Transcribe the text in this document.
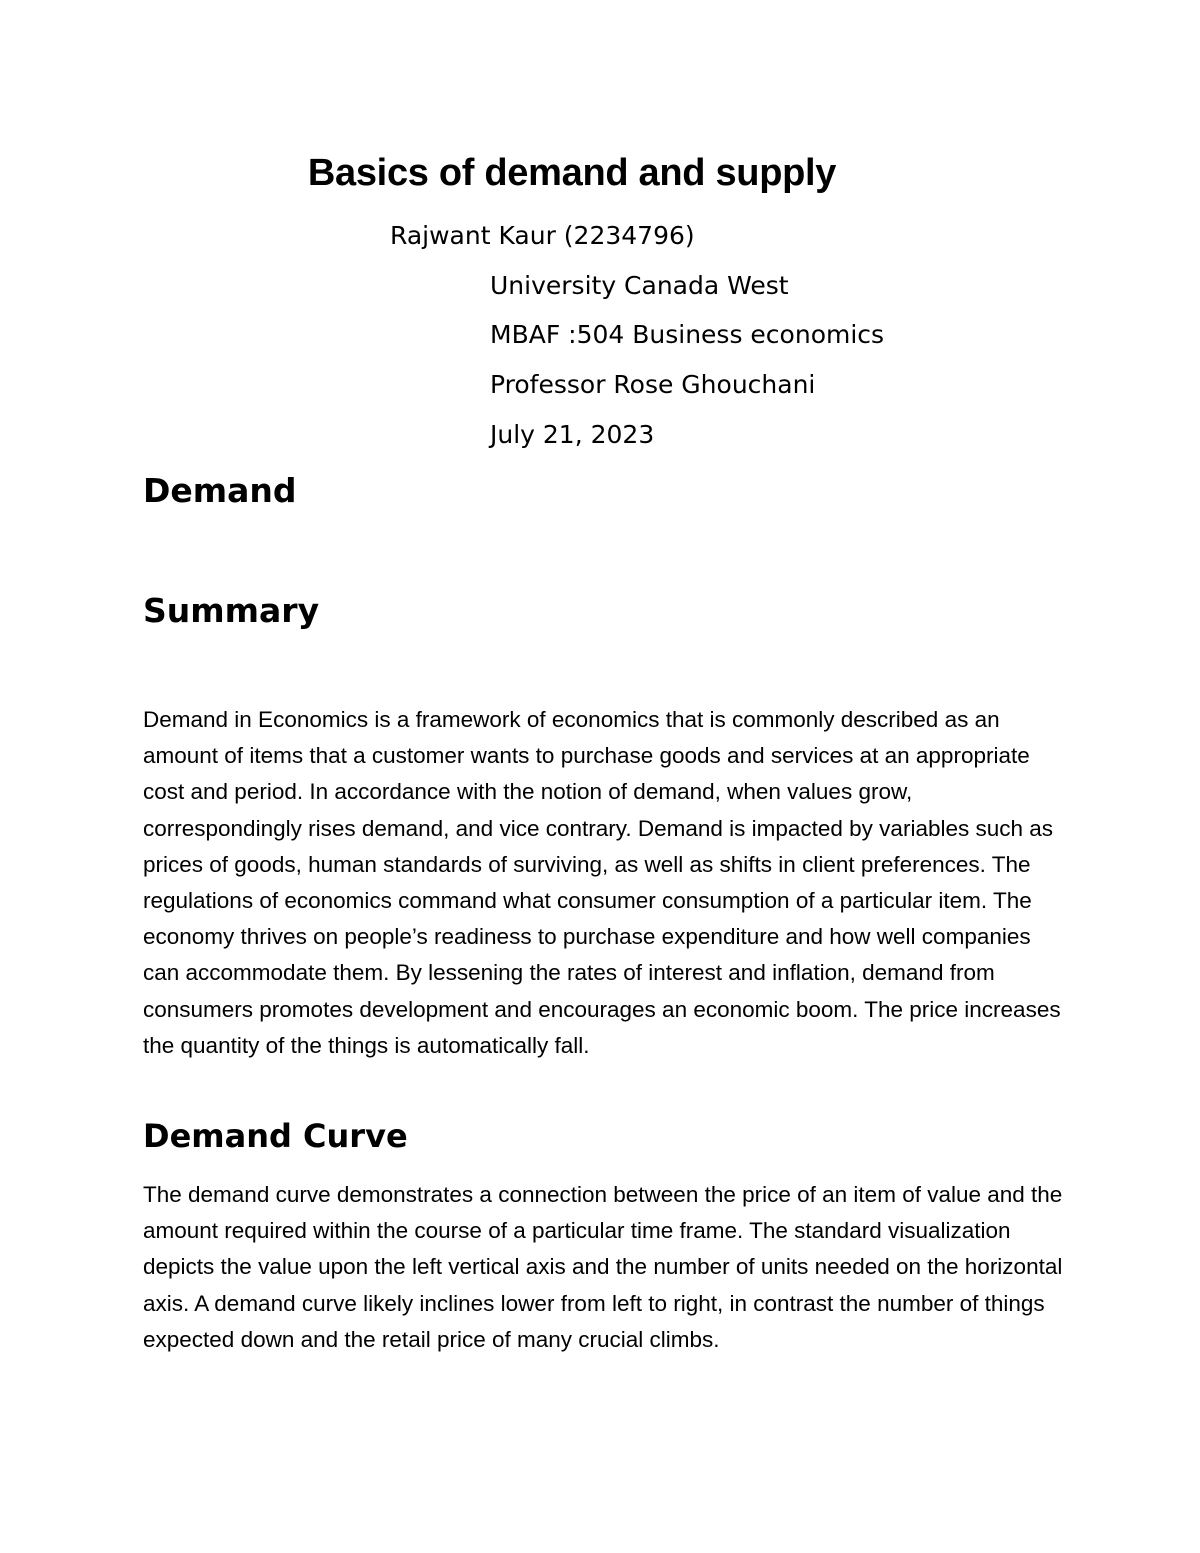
Basics of demand and supply

Rajwant Kaur (2234796)

University Canada West

MBAF :504 Business economics

Professor Rose Ghouchani

July 21, 2023

Demand
Summary

Demand in Economics is a framework of economics that is commonly described as an amount of items that a customer wants to purchase goods and services at an appropriate cost and period. In accordance with the notion of demand, when values grow, correspondingly rises demand, and vice contrary. Demand is impacted by variables such as prices of goods, human standards of surviving, as well as shifts in client preferences. The regulations of economics command what consumer consumption of a particular item. The economy thrives on people’s readiness to purchase expenditure and how well companies can accommodate them. By lessening the rates of interest and inflation, demand from consumers promotes development and encourages an economic boom. The price increases the quantity of the things is automatically fall.

Demand Curve

The demand curve demonstrates a connection between the price of an item of value and the amount required within the course of a particular time frame. The standard visualization depicts the value upon the left vertical axis and the number of units needed on the horizontal axis. A demand curve likely inclines lower from left to right, in contrast the number of things expected down and the retail price of many crucial climbs.
